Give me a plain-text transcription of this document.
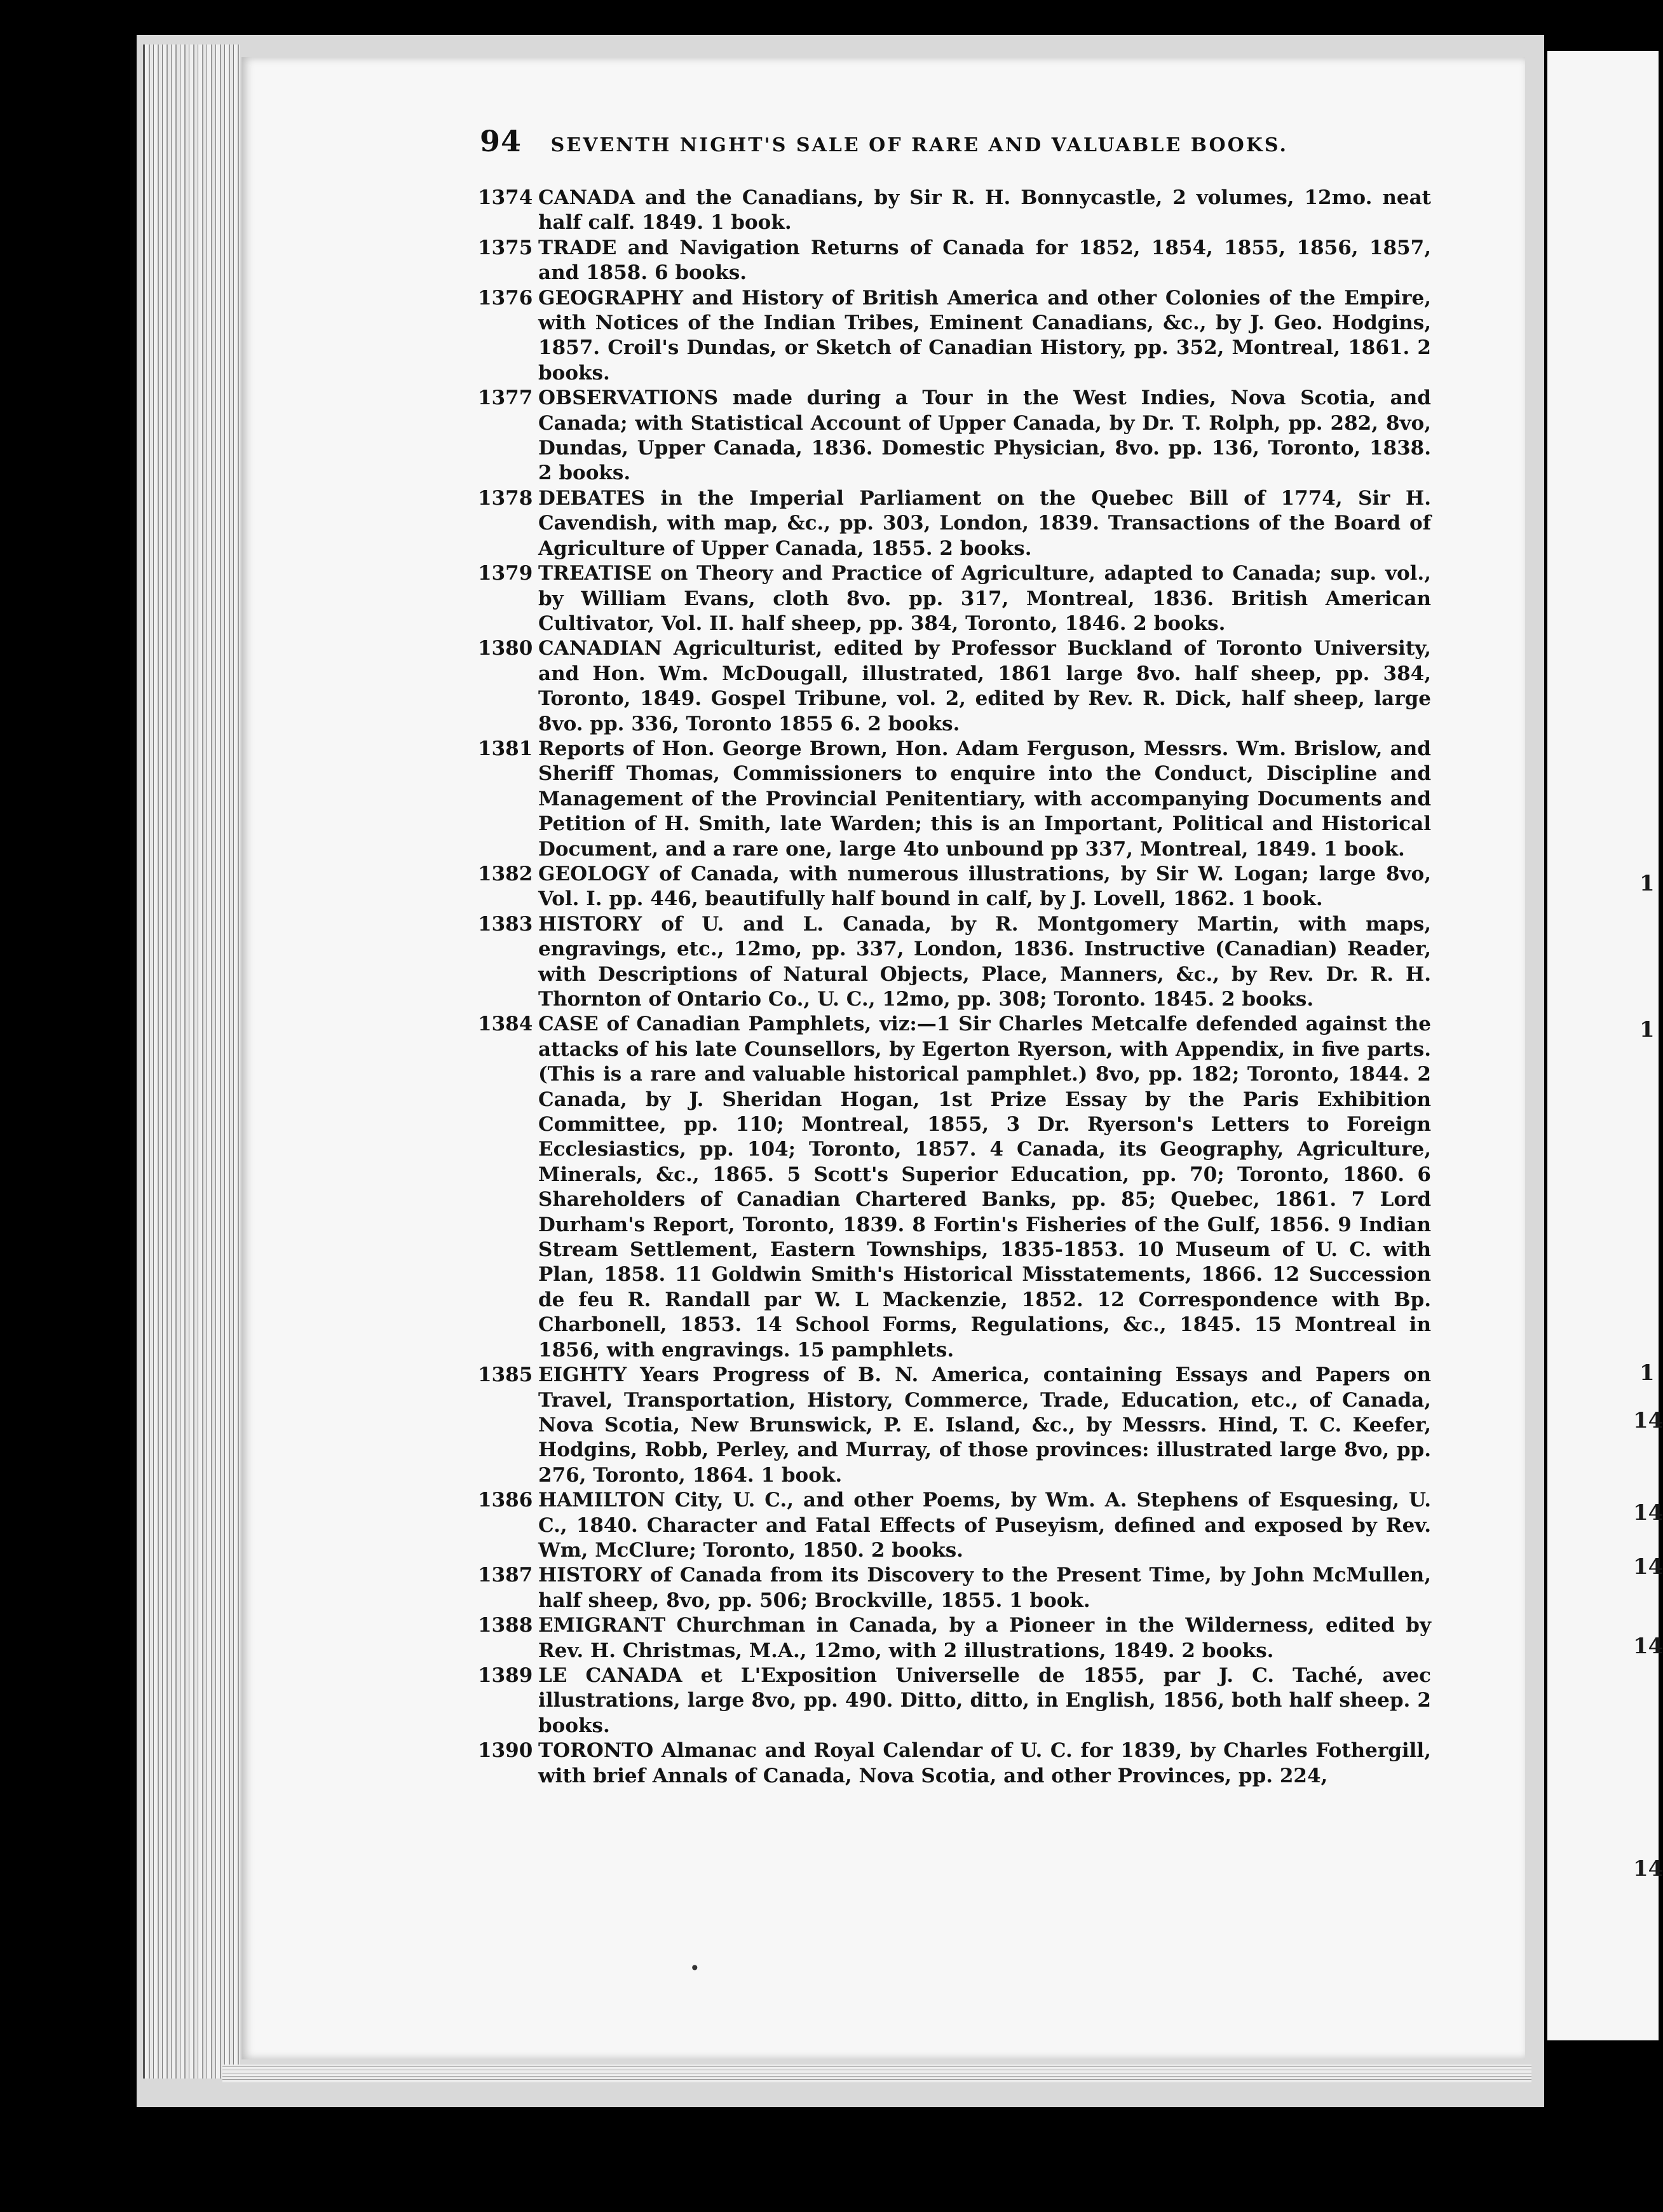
94 SEVENTH NIGHT'S SALE OF RARE AND VALUABLE BOOKS.
1374 CANADA and the Canadians, by Sir R. H. Bonnycastle, 2 volumes, 12mo. neat half calf. 1849. 1 book.
1375 TRADE and Navigation Returns of Canada for 1852, 1854, 1855, 1856, 1857, and 1858. 6 books.
1376 GEOGRAPHY and History of British America and other Colonies of the Empire, with Notices of the Indian Tribes, Eminent Canadians, &c., by J. Geo. Hodgins, 1857. Croil's Dundas, or Sketch of Canadian History, pp. 352, Montreal, 1861. 2 books.
1377 OBSERVATIONS made during a Tour in the West Indies, Nova Scotia, and Canada; with Statistical Account of Upper Canada, by Dr. T. Rolph, pp. 282, 8vo, Dundas, Upper Canada, 1836. Domestic Physician, 8vo. pp. 136, Toronto, 1838. 2 books.
1378 DEBATES in the Imperial Parliament on the Quebec Bill of 1774, Sir H. Cavendish, with map, &c., pp. 303, London, 1839. Transactions of the Board of Agriculture of Upper Canada, 1855. 2 books.
1379 TREATISE on Theory and Practice of Agriculture, adapted to Canada; sup. vol., by William Evans, cloth 8vo. pp. 317, Montreal, 1836. British American Cultivator, Vol. II. half sheep, pp. 384, Toronto, 1846. 2 books.
1380 CANADIAN Agriculturist, edited by Professor Buckland of Toronto University, and Hon. Wm. McDougall, illustrated, 1861 large 8vo. half sheep, pp. 384, Toronto, 1849. Gospel Tribune, vol. 2, edited by Rev. R. Dick, half sheep, large 8vo. pp. 336, Toronto 1855 6. 2 books.
1381 Reports of Hon. George Brown, Hon. Adam Ferguson, Messrs. Wm. Brislow, and Sheriff Thomas, Commissioners to enquire into the Conduct, Discipline and Management of the Provincial Penitentiary, with accompanying Documents and Petition of H. Smith, late Warden; this is an Important, Political and Historical Document, and a rare one, large 4to unbound pp 337, Montreal, 1849. 1 book.
1382 GEOLOGY of Canada, with numerous illustrations, by Sir W. Logan; large 8vo, Vol. I. pp. 446, beautifully half bound in calf, by J. Lovell, 1862. 1 book.
1383 HISTORY of U. and L. Canada, by R. Montgomery Martin, with maps, engravings, etc., 12mo, pp. 337, London, 1836. Instructive (Canadian) Reader, with Descriptions of Natural Objects, Place, Manners, &c., by Rev. Dr. R. H. Thornton of Ontario Co., U. C., 12mo, pp. 308; Toronto. 1845. 2 books.
1384 CASE of Canadian Pamphlets, viz:—1 Sir Charles Metcalfe defended against the attacks of his late Counsellors, by Egerton Ryerson, with Appendix, in five parts. (This is a rare and valuable historical pamphlet.) 8vo, pp. 182; Toronto, 1844. 2 Canada, by J. Sheridan Hogan, 1st Prize Essay by the Paris Exhibition Committee, pp. 110; Montreal, 1855, 3 Dr. Ryerson's Letters to Foreign Ecclesiastics, pp. 104; Toronto, 1857. 4 Canada, its Geography, Agriculture, Minerals, &c., 1865. 5 Scott's Superior Education, pp. 70; Toronto, 1860. 6 Shareholders of Canadian Chartered Banks, pp. 85; Quebec, 1861. 7 Lord Durham's Report, Toronto, 1839. 8 Fortin's Fisheries of the Gulf, 1856. 9 Indian Stream Settlement, Eastern Townships, 1835-1853. 10 Museum of U. C. with Plan, 1858. 11 Goldwin Smith's Historical Misstatements, 1866. 12 Succession de feu R. Randall par W. L Mackenzie, 1852. 12 Correspondence with Bp. Charbonell, 1853. 14 School Forms, Regulations, &c., 1845. 15 Montreal in 1856, with engravings. 15 pamphlets.
1385 EIGHTY Years Progress of B. N. America, containing Essays and Papers on Travel, Transportation, History, Commerce, Trade, Education, etc., of Canada, Nova Scotia, New Brunswick, P. E. Island, &c., by Messrs. Hind, T. C. Keefer, Hodgins, Robb, Perley, and Murray, of those provinces: illustrated large 8vo, pp. 276, Toronto, 1864. 1 book.
1386 HAMILTON City, U. C., and other Poems, by Wm. A. Stephens of Esquesing, U. C., 1840. Character and Fatal Effects of Puseyism, defined and exposed by Rev. Wm, McClure; Toronto, 1850. 2 books.
1387 HISTORY of Canada from its Discovery to the Present Time, by John McMullen, half sheep, 8vo, pp. 506; Brockville, 1855. 1 book.
1388 EMIGRANT Churchman in Canada, by a Pioneer in the Wilderness, edited by Rev. H. Christmas, M.A., 12mo, with 2 illustrations, 1849. 2 books.
1389 LE CANADA et L'Exposition Universelle de 1855, par J. C. Taché, avec illustrations, large 8vo, pp. 490. Ditto, ditto, in English, 1856, both half sheep. 2 books.
1390 TORONTO Almanac and Royal Calendar of U. C. for 1839, by Charles Fothergill, with brief Annals of Canada, Nova Scotia, and other Provinces, pp. 224,
1
1
1
14
14
14
14
14
•
